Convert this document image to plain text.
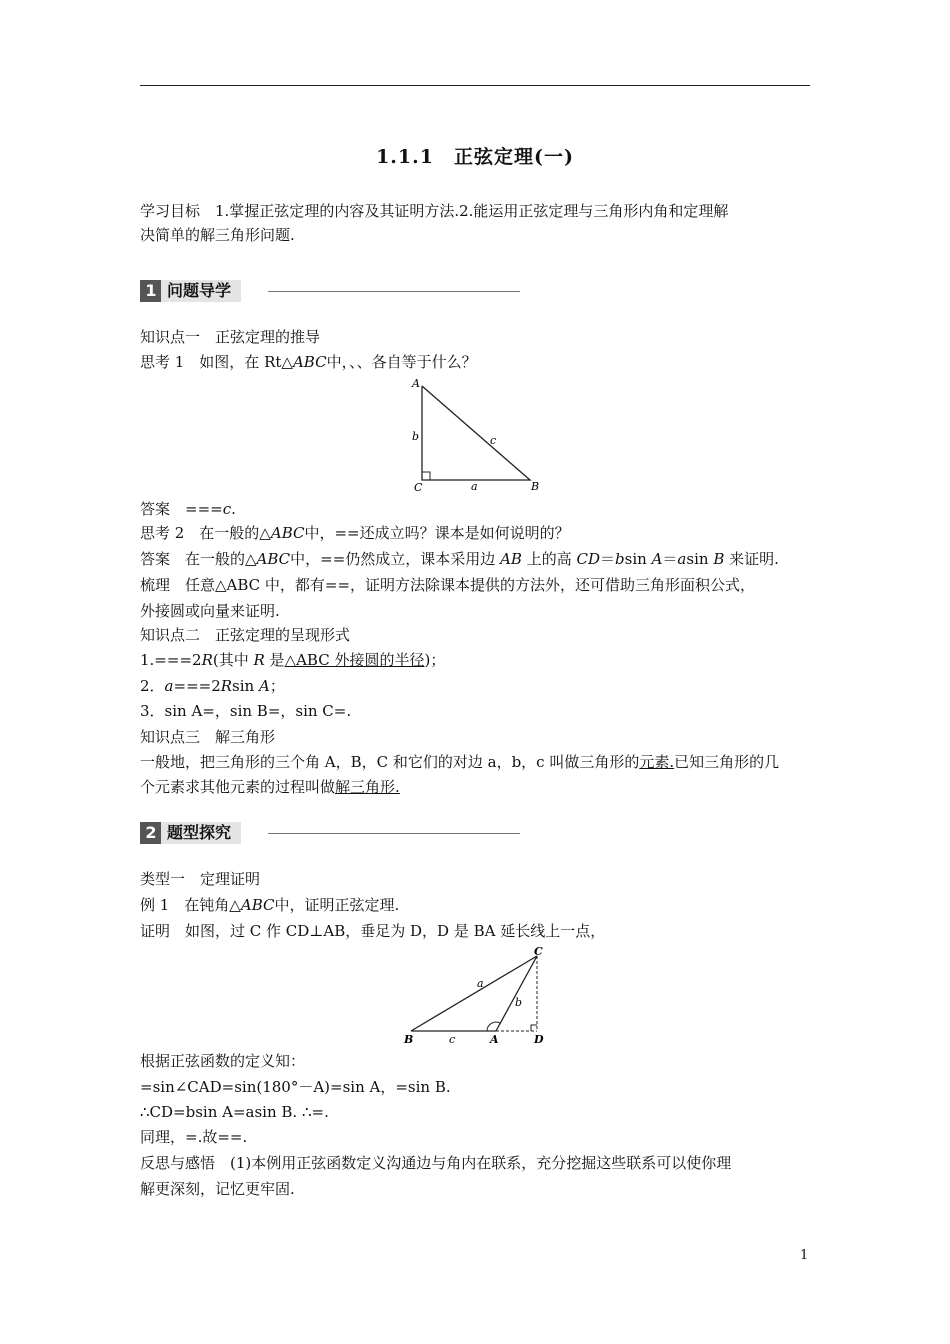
1.1.1　正弦定理(一)
学习目标　1.掌握正弦定理的内容及其证明方法.2.能运用正弦定理与三角形内角和定理解
决简单的解三角形问题.
1 问题导学
知识点一　正弦定理的推导
思考 1　如图，在 Rt△ABC中，、、各自等于什么？
A
C	B
b	c
a
答案　===c.
思考 2　在一般的△ABC中，==还成立吗？课本是如何说明的？
答案　在一般的△ABC中，==仍然成立，课本采用边 AB 上的高 CD＝bsin A＝asin B 来证明.
梳理　任意△ABC 中，都有==，证明方法除课本提供的方法外，还可借助三角形面积公式，
外接圆或向量来证明.
知识点二　正弦定理的呈现形式
1.===2R(其中 R 是△ABC 外接圆的半径)；
2．a===2Rsin A；
3．sin A=，sin B=，sin C=.
知识点三　解三角形
一般地，把三角形的三个角 A，B，C 和它们的对边 a，b，c 叫做三角形的元素.已知三角形的几
个元素求其他元素的过程叫做解三角形.
2 题型探究
类型一　定理证明
例 1　在钝角△ABC中，证明正弦定理.
证明　如图，过 C 作 CD⊥AB，垂足为 D，D 是 BA 延长线上一点，
C
B	A	D
a
b
c
根据正弦函数的定义知：
=sin∠CAD=sin(180°－A)=sin A，=sin B.
∴CD=bsin A=asin B. ∴=.
同理，=.故==.
反思与感悟　(1)本例用正弦函数定义沟通边与角内在联系，充分挖掘这些联系可以使你理
解更深刻，记忆更牢固.
1
